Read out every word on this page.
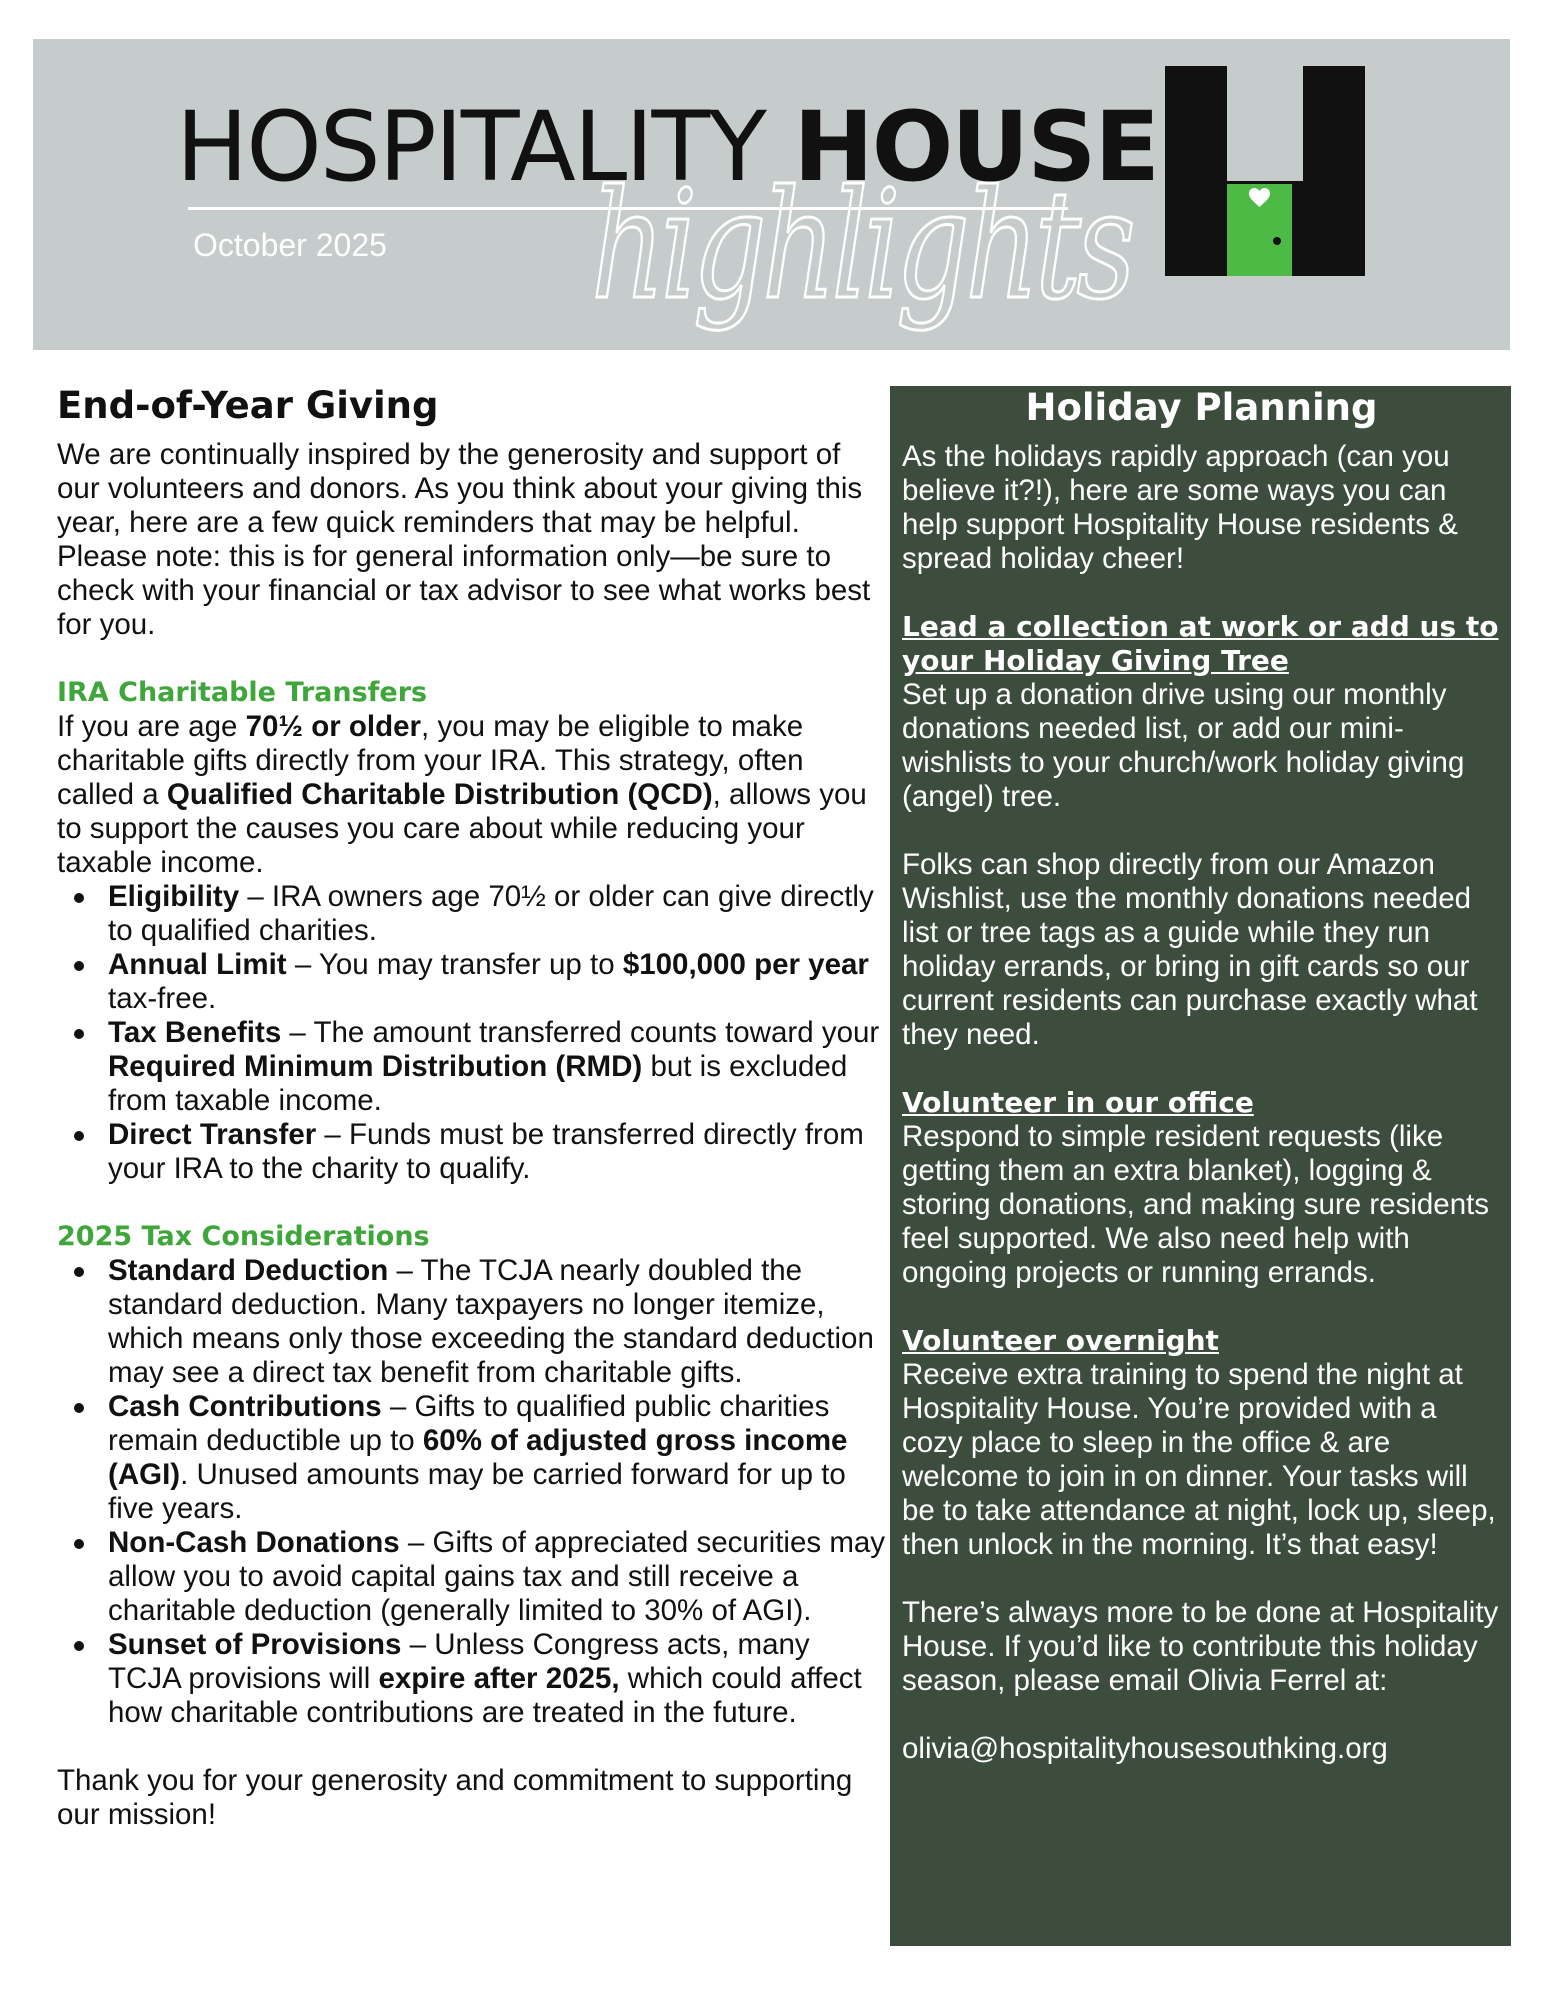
HOSPITALITY HOUSE
October 2025 highlights
End-of-Year Giving

We are continually inspired by the generosity and support of our volunteers and donors. As you think about your giving this year, here are a few quick reminders that may be helpful. Please note: this is for general information only—be sure to check with your financial or tax advisor to see what works best for you.

IRA Charitable Transfers

If you are age 70½ or older, you may be eligible to make charitable gifts directly from your IRA. This strategy, often called a Qualified Charitable Distribution (QCD), allows you to support the causes you care about while reducing your taxable income.

Eligibility – IRA owners age 70½ or older can give directly to qualified charities.
Annual Limit – You may transfer up to $100,000 per year tax-free.
Tax Benefits – The amount transferred counts toward your Required Minimum Distribution (RMD) but is excluded from taxable income.
Direct Transfer – Funds must be transferred directly from your IRA to the charity to qualify.
2025 Tax Considerations
Standard Deduction – The TCJA nearly doubled the standard deduction. Many taxpayers no longer itemize, which means only those exceeding the standard deduction may see a direct tax benefit from charitable gifts.
Cash Contributions – Gifts to qualified public charities remain deductible up to 60% of adjusted gross income (AGI). Unused amounts may be carried forward for up to five years.
Non-Cash Donations – Gifts of appreciated securities may allow you to avoid capital gains tax and still receive a charitable deduction (generally limited to 30% of AGI).
Sunset of Provisions – Unless Congress acts, many TCJA provisions will expire after 2025, which could affect how charitable contributions are treated in the future.

Thank you for your generosity and commitment to supporting our mission!

Holiday Planning

As the holidays rapidly approach (can you believe it?!), here are some ways you can help support Hospitality House residents & spread holiday cheer!

Lead a collection at work or add us to your Holiday Giving Tree

Set up a donation drive using our monthly donations needed list, or add our mini-wishlists to your church/work holiday giving (angel) tree.

Folks can shop directly from our Amazon Wishlist, use the monthly donations needed list or tree tags as a guide while they run holiday errands, or bring in gift cards so our current residents can purchase exactly what they need.

Volunteer in our office

Respond to simple resident requests (like getting them an extra blanket), logging & storing donations, and making sure residents feel supported. We also need help with ongoing projects or running errands.

Volunteer overnight

Receive extra training to spend the night at Hospitality House. You’re provided with a cozy place to sleep in the office & are welcome to join in on dinner. Your tasks will be to take attendance at night, lock up, sleep, then unlock in the morning. It’s that easy!

There’s always more to be done at Hospitality House. If you’d like to contribute this holiday season, please email Olivia Ferrel at:

olivia@hospitalityhousesouthking.org
